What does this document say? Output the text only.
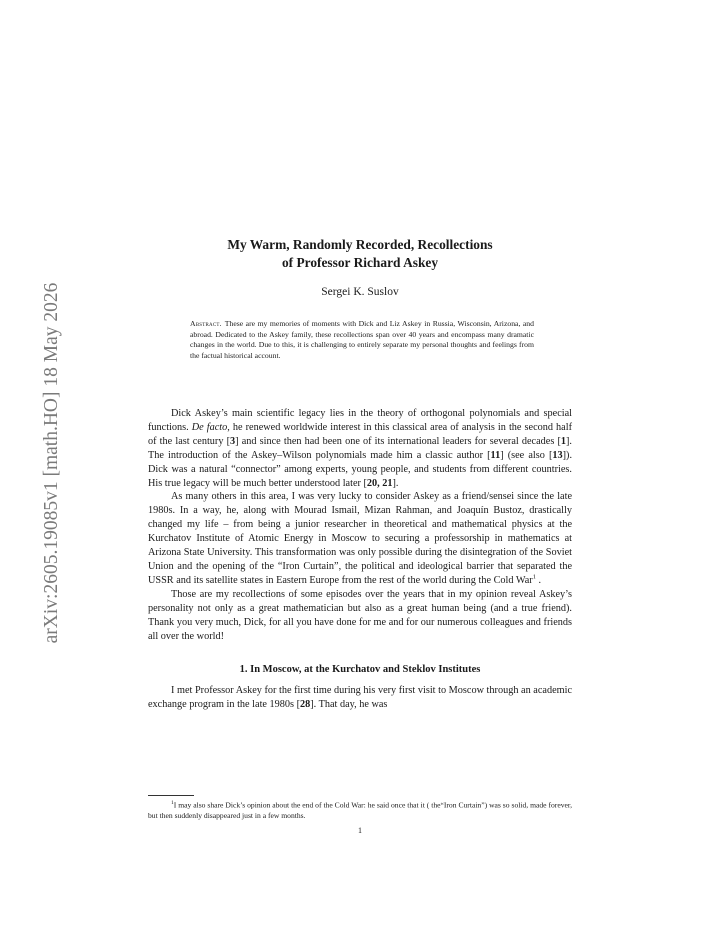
arXiv:2605.19085v1 [math.HO] 18 May 2026
My Warm, Randomly Recorded, Recollections
of Professor Richard Askey
Sergei K. Suslov
Abstract. These are my memories of moments with Dick and Liz Askey in Russia, Wisconsin, Arizona, and abroad. Dedicated to the Askey family, these recollections span over 40 years and encompass many dramatic changes in the world. Due to this, it is challenging to entirely separate my personal thoughts and feelings from the factual historical account.

Dick Askey’s main scientific legacy lies in the theory of orthogonal polynomials and special functions. De facto, he renewed worldwide interest in this classical area of analysis in the second half of the last century [3] and since then had been one of its international leaders for several decades [1]. The introduction of the Askey–Wilson polynomials made him a classic author [11] (see also [13]). Dick was a natural “connector” among experts, young people, and students from different countries. His true legacy will be much better understood later [20, 21].

As many others in this area, I was very lucky to consider Askey as a friend/sensei since the late 1980s. In a way, he, along with Mourad Ismail, Mizan Rahman, and Joaquín Bustoz, drastically changed my life – from being a junior researcher in theoretical and mathematical physics at the Kurchatov Institute of Atomic Energy in Moscow to securing a professorship in mathematics at Arizona State University. This transformation was only possible during the disintegration of the Soviet Union and the opening of the “Iron Curtain”, the political and ideological barrier that separated the USSR and its satellite states in Eastern Europe from the rest of the world during the Cold War$^1$ .

Those are my recollections of some episodes over the years that in my opinion reveal Askey’s personality not only as a great mathematician but also as a great human being (and a true friend). Thank you very much, Dick, for all you have done for me and for our numerous colleagues and friends all over the world!

1. In Moscow, at the Kurchatov and Steklov Institutes

I met Professor Askey for the first time during his very first visit to Moscow through an academic exchange program in the late 1980s [28]. That day, he was

$^1$I may also share Dick’s opinion about the end of the Cold War: he said once that it ( the“Iron Curtain”) was so solid, made forever, but then suddenly disappeared just in a few months.
1
